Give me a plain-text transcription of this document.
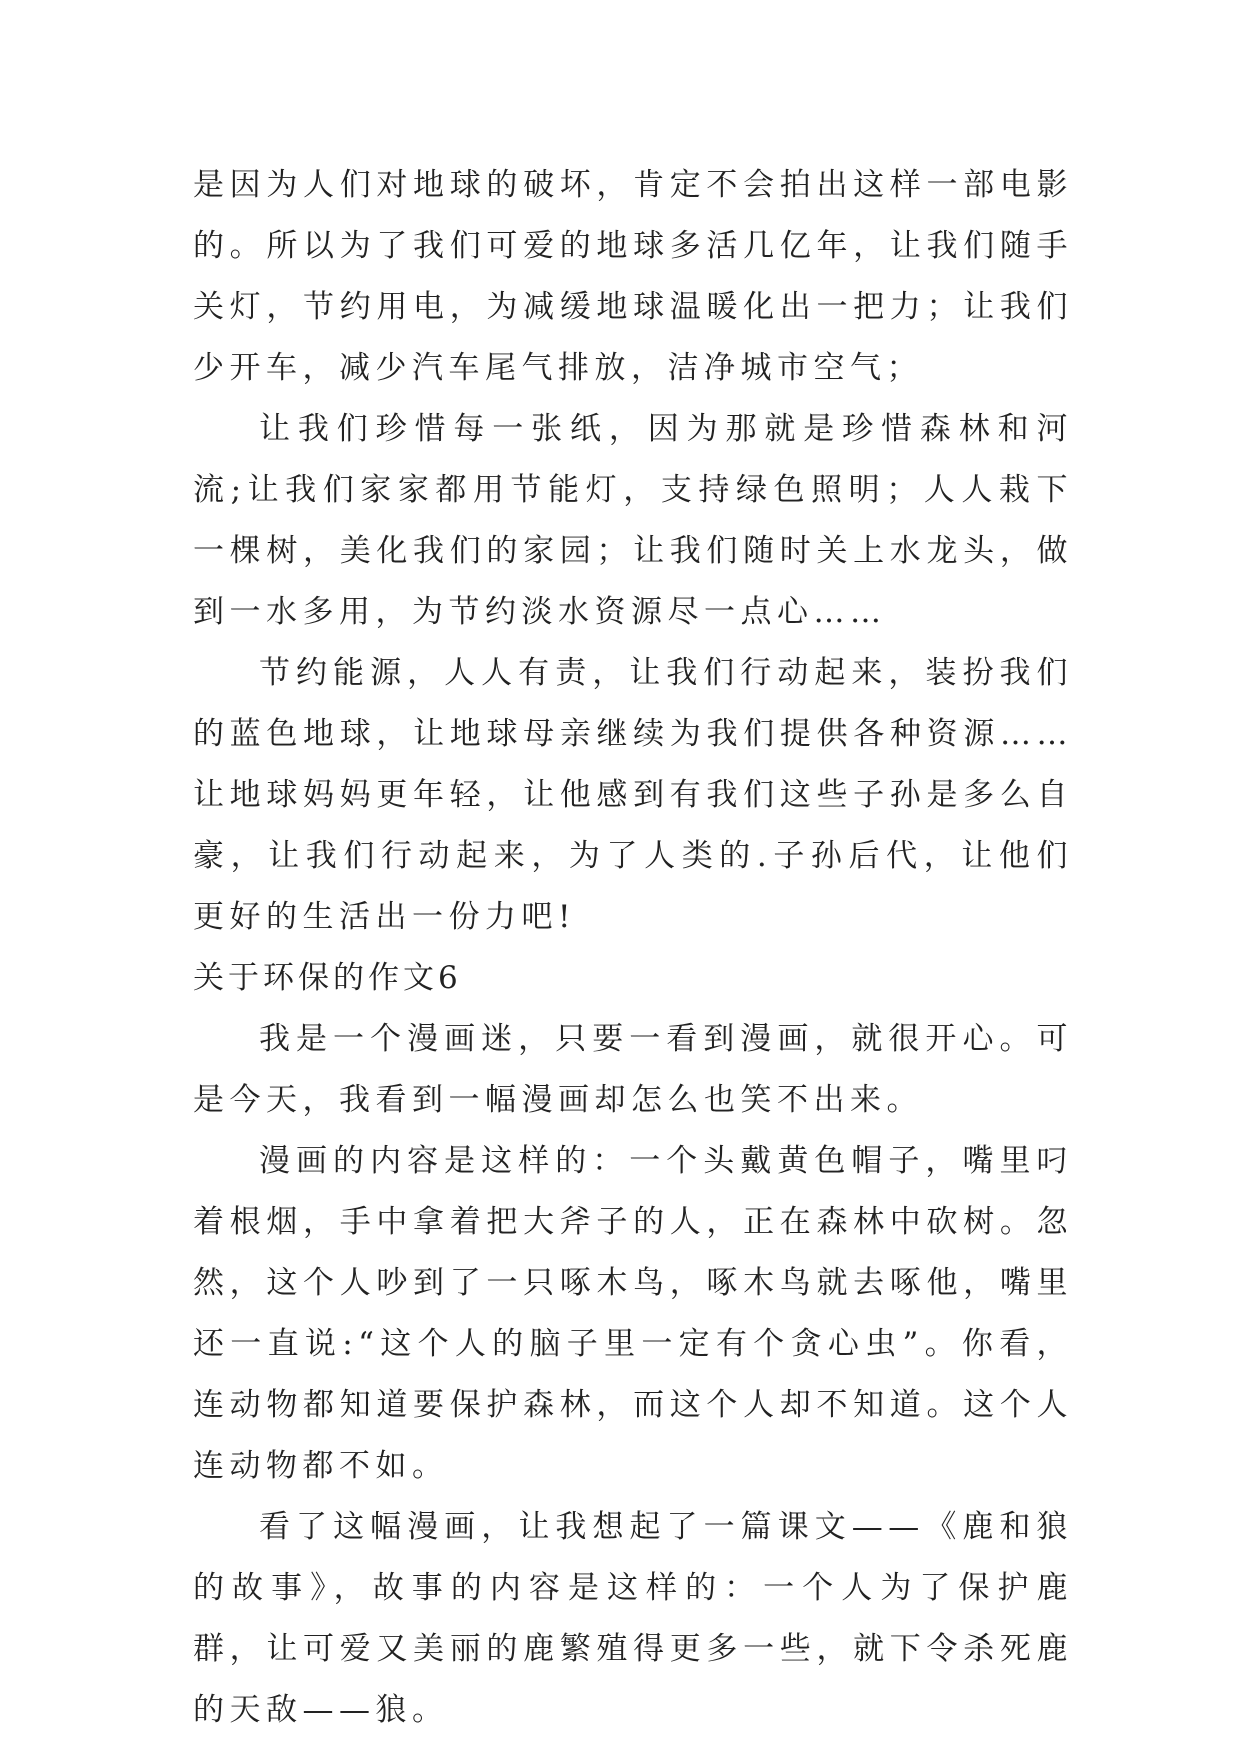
是因为人们对地球的破坏，肯定不会拍出这样一部电影的。所以为了我们可爱的地球多活几亿年，让我们随手关灯，节约用电，为减缓地球温暖化出一把力；让我们少开车，减少汽车尾气排放，洁净城市空气；

让我们珍惜每一张纸，因为那就是珍惜森林和河流;让我们家家都用节能灯，支持绿色照明；人人栽下一棵树，美化我们的家园；让我们随时关上水龙头，做到一水多用，为节约淡水资源尽一点心……

节约能源，人人有责，让我们行动起来，装扮我们的蓝色地球，让地球母亲继续为我们提供各种资源……让地球妈妈更年轻，让他感到有我们这些子孙是多么自豪，让我们行动起来，为了人类的.子孙后代，让他们更好的生活出一份力吧!

关于环保的作文6

我是一个漫画迷，只要一看到漫画，就很开心。可是今天，我看到一幅漫画却怎么也笑不出来。

漫画的内容是这样的：一个头戴黄色帽子，嘴里叼着根烟，手中拿着把大斧子的人，正在森林中砍树。忽然，这个人吵到了一只啄木鸟，啄木鸟就去啄他，嘴里还一直说:“这个人的脑子里一定有个贪心虫”。你看，连动物都知道要保护森林，而这个人却不知道。这个人连动物都不如。

看了这幅漫画，让我想起了一篇课文——《鹿和狼的故事》，故事的内容是这样的：一个人为了保护鹿群，让可爱又美丽的鹿繁殖得更多一些，就下令杀死鹿的天敌——狼。
